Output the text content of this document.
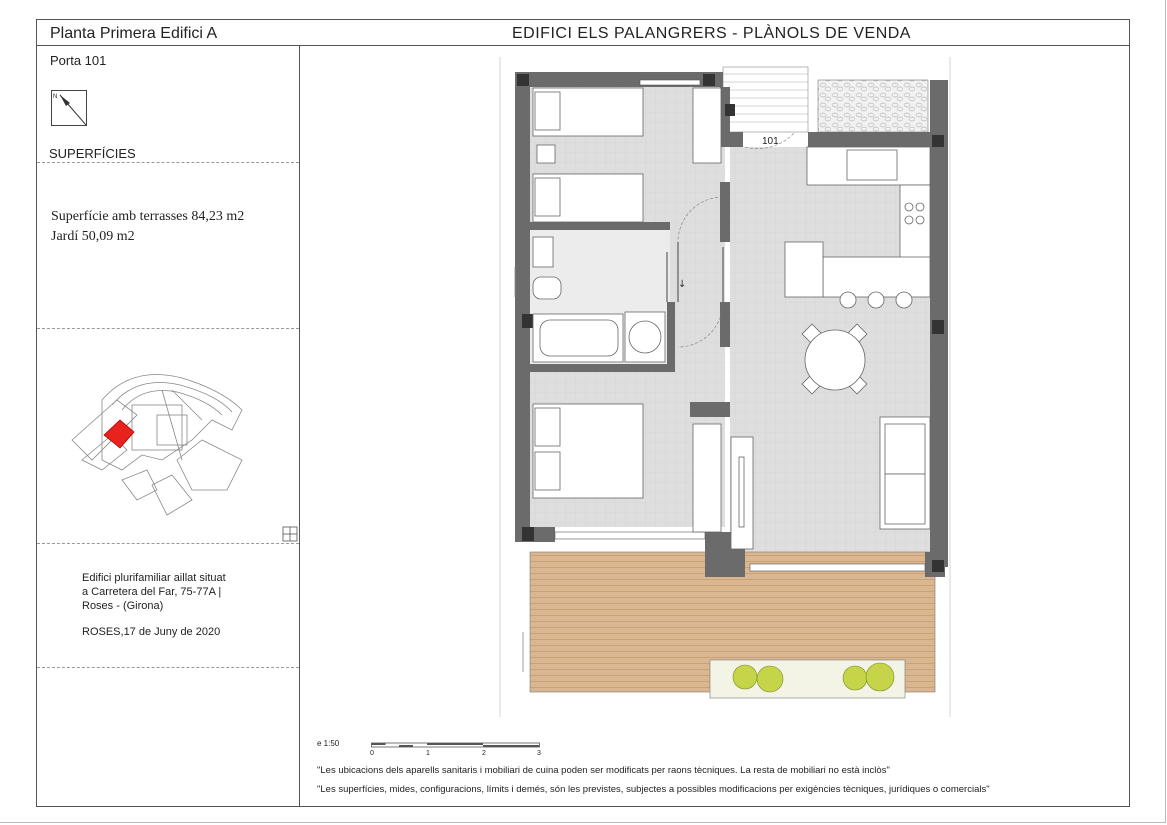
Planta Primera Edifici A	EDIFICI ELS PALANGRERS - PLÀNOLS DE VENDA
Porta 101
N
SUPERFÍCIES
Superfície amb terrasses 84,23 m2
Jardí 50,09 m2
Edifici plurifamiliar aillat situat
a Carretera del Far, 75-77A |
Roses - (Girona)
ROSES,17 de Juny de 2020
e 1:50
0	1	2	3
"Les ubicacions dels aparells sanitaris i mobiliari de cuina poden ser modificats per raons tècniques. La resta de mobiliari no està inclòs"
"Les superfícies, mides, configuracions, límits i demés, són les previstes, subjectes a possibles modificacions per exigències tècniques, jurídiques o comercials"
↓
101
